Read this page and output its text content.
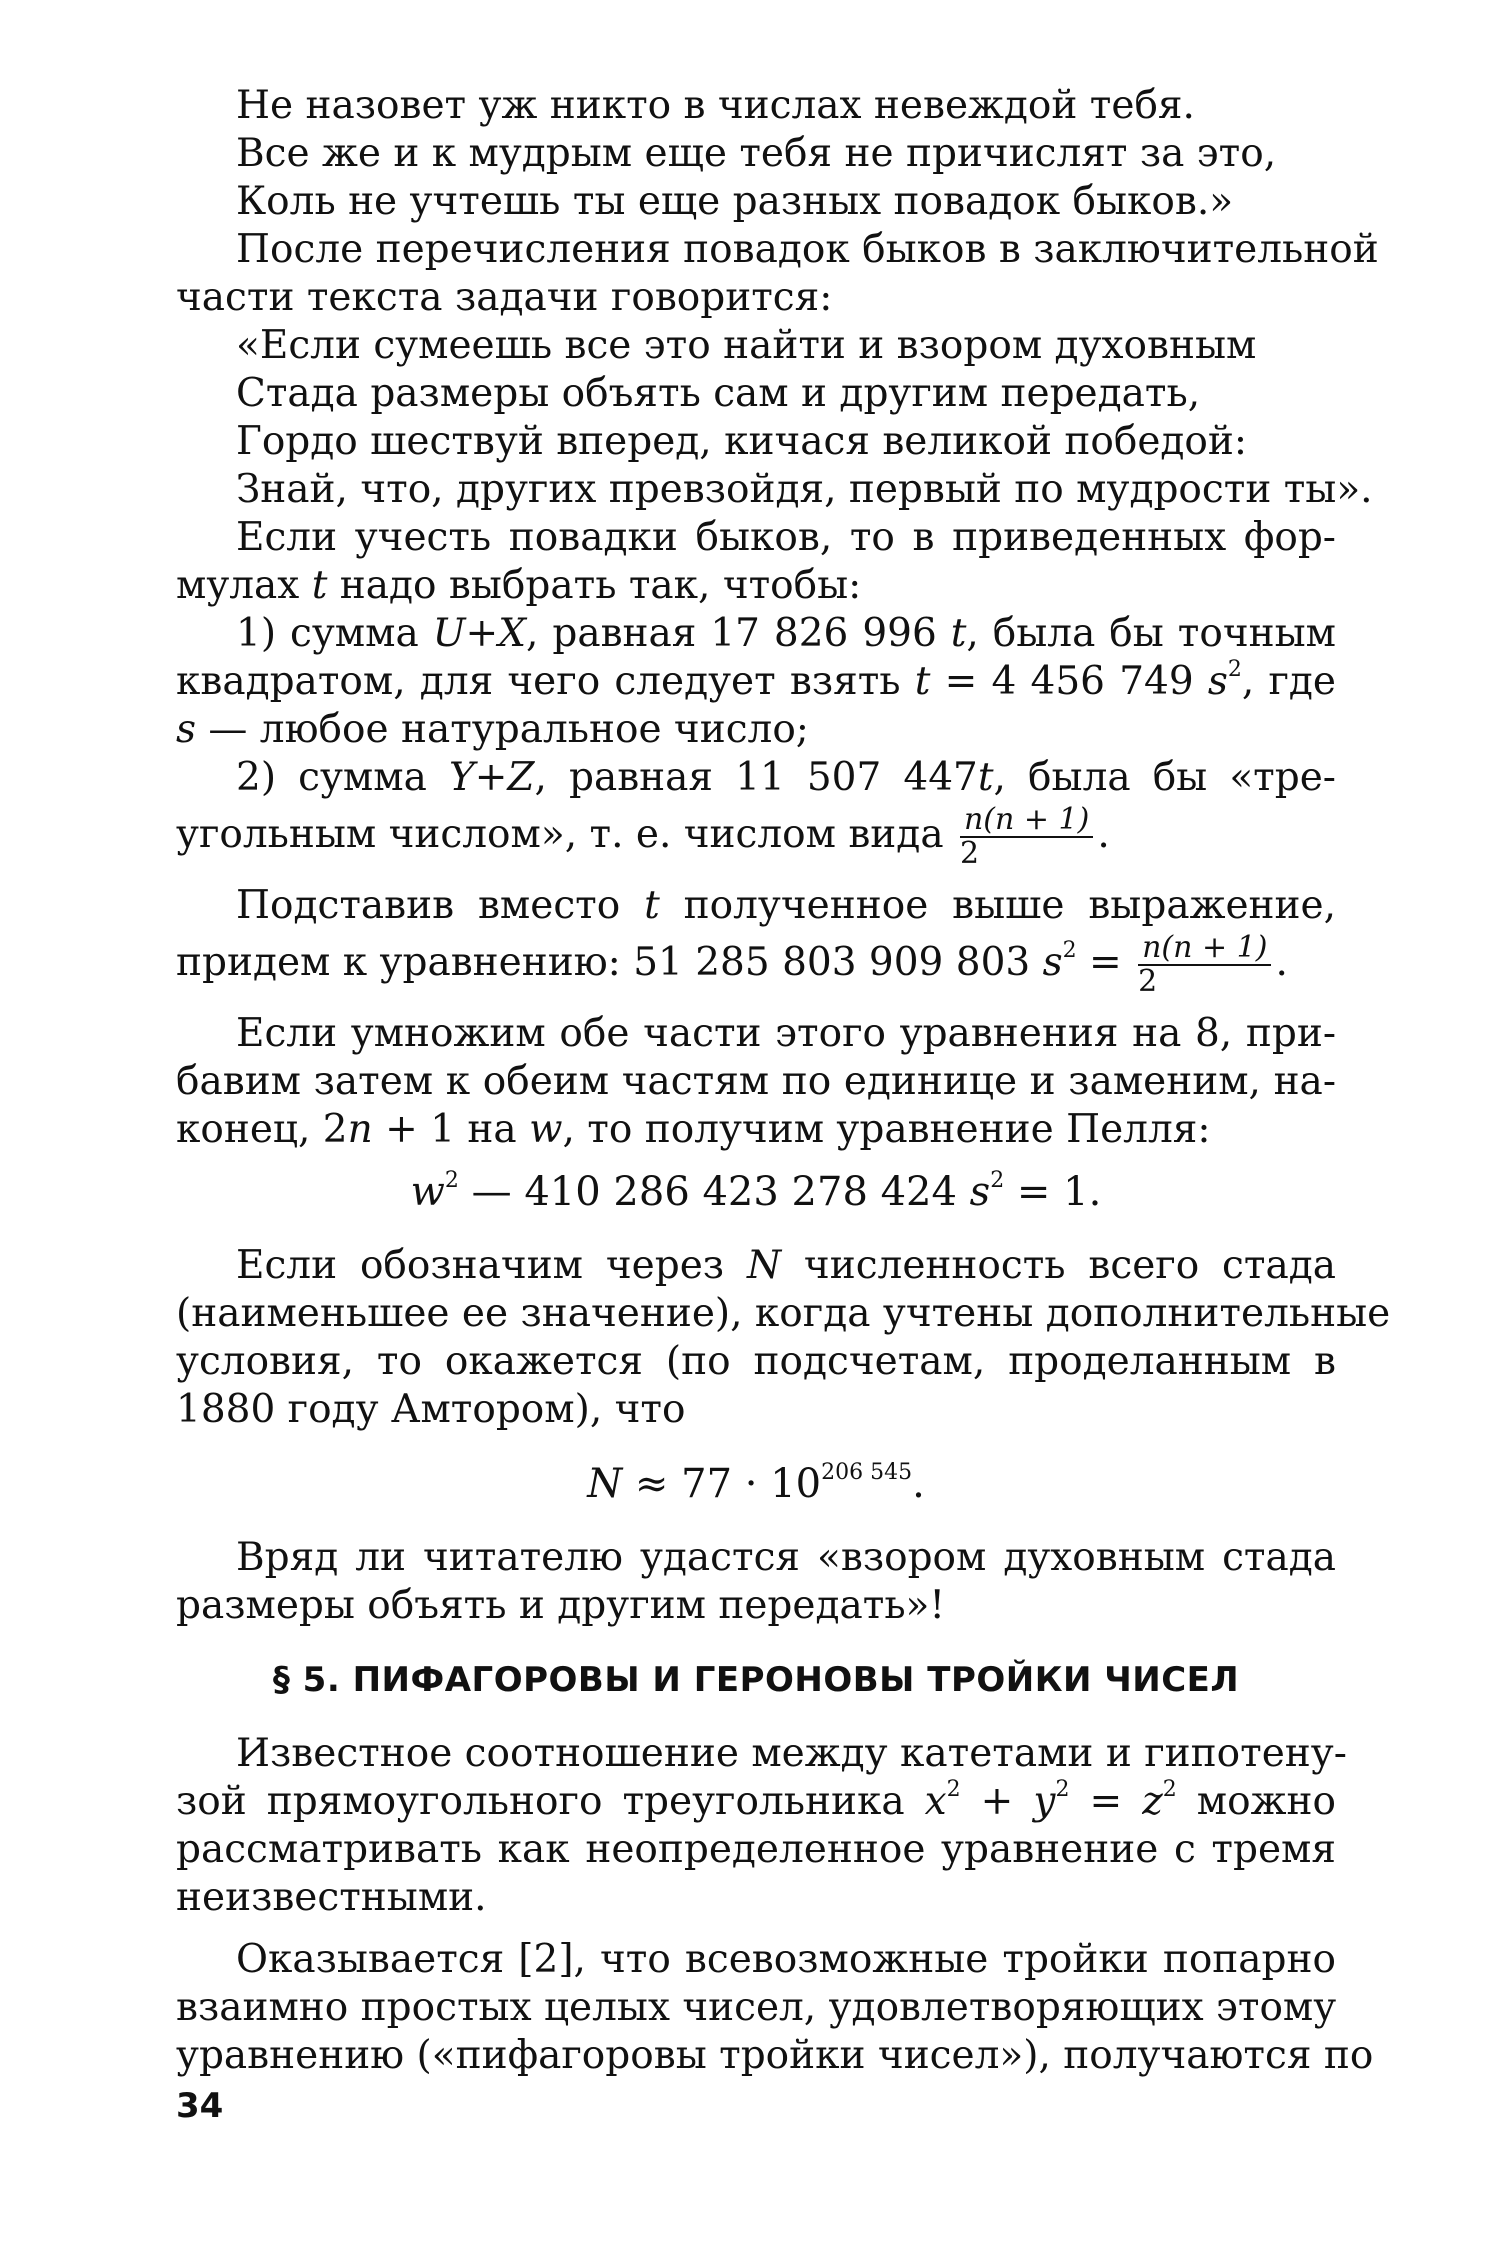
Не назовет уж никто в числах невеждой тебя.
Все же и к мудрым еще тебя не причислят за это,
Коль не учтешь ты еще разных повадок быков.»
После перечисления повадок быков в заключительной
части текста задачи говорится:
«Если сумеешь все это найти и взором духовным
Стада размеры объять сам и другим передать,
Гордо шествуй вперед, кичася великой победой:
Знай, что, других превзойдя, первый по мудрости ты».
Если учесть повадки быков, то в приведенных фор-
мулах t надо выбрать так, чтобы:
1) сумма U+X, равная 17 826 996 t, была бы точным
квадратом, для чего следует взять t = 4 456 749 $s^2$, где
s — любое натуральное число;
2) сумма Y+Z, равная 11 507 447t, была бы «тре-
угольным числом», т. е. числом вида $\frac{n(n + 1)}{2}$ .
Подставив вместо t полученное выше выражение,
придем к уравнению: 51 285 803 909 803 $s^2 = \frac{n(n + 1)}{2}$ .
Если умножим обе части этого уравнения на 8, при-
бавим затем к обеим частям по единице и заменим, на-
конец, 2n + 1 на w, то получим уравнение Пелля:
$w^2$ — 410 286 423 278 424 $s^2 = 1$.
Если обозначим через N численность всего стада
(наименьшее ее значение), когда учтены дополнительные
условия, то окажется (по подсчетам, проделанным в
1880 году Амтором), что
$N \approx 77 \cdot 10^{206 545}$.
Вряд ли читателю удастся «взором духовным стада
размеры объять и другим передать»!
§ 5. ПИФАГОРОВЫ И ГЕРОНОВЫ ТРОЙКИ ЧИСЕЛ
Известное соотношение между катетами и гипотену-
зой прямоугольного треугольника $x^2 + y^2 = z^2$ можно
рассматривать как неопределенное уравнение с тремя
неизвестными.
Оказывается [2], что всевозможные тройки попарно
взаимно простых целых чисел, удовлетворяющих этому
уравнению («пифагоровы тройки чисел»), получаются по
34
